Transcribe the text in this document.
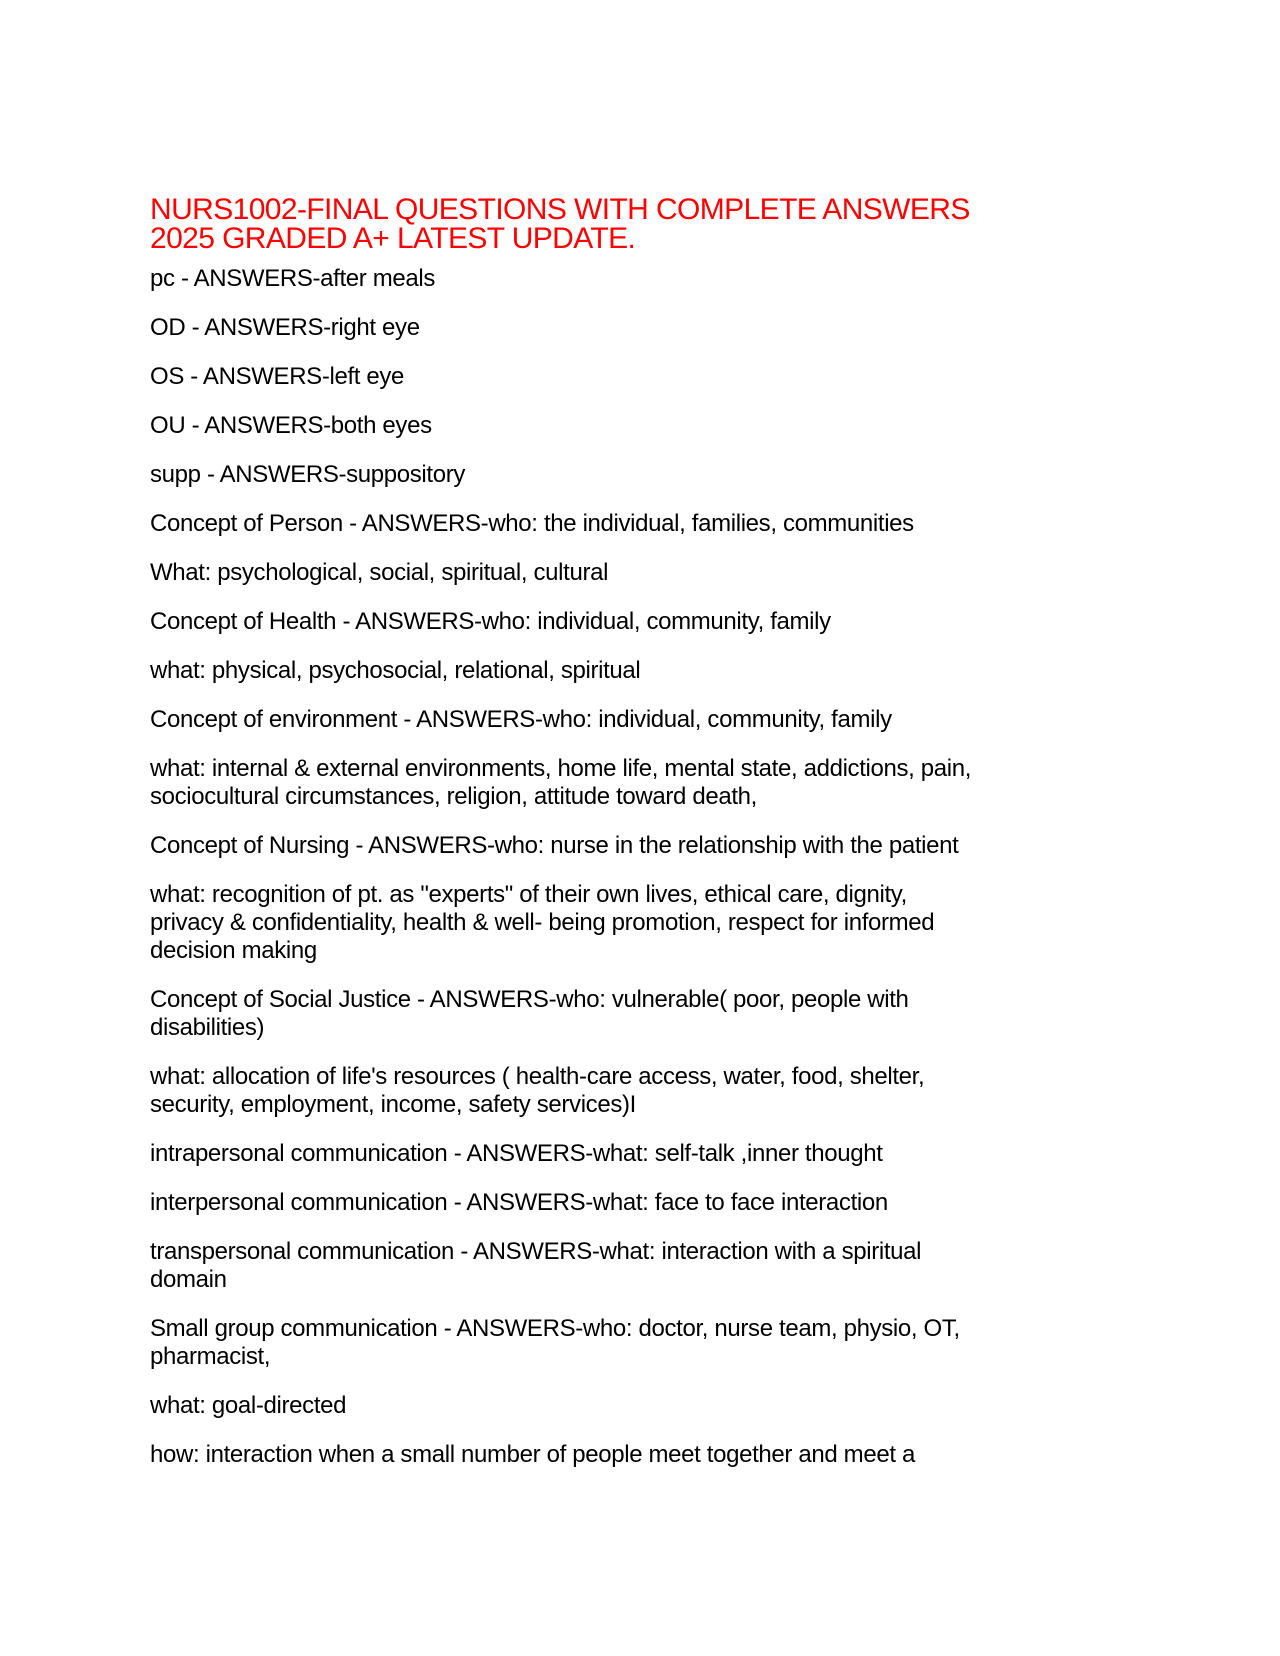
NURS1002-FINAL QUESTIONS WITH COMPLETE ANSWERS
2025 GRADED A+ LATEST UPDATE.

pc - ANSWERS-after meals

OD - ANSWERS-right eye

OS - ANSWERS-left eye

OU - ANSWERS-both eyes

supp - ANSWERS-suppository

Concept of Person - ANSWERS-who: the individual, families, communities

What: psychological, social, spiritual, cultural

Concept of Health - ANSWERS-who: individual, community, family

what: physical, psychosocial, relational, spiritual

Concept of environment - ANSWERS-who: individual, community, family

what: internal & external environments, home life, mental state, addictions, pain,
sociocultural circumstances, religion, attitude toward death,

Concept of Nursing - ANSWERS-who: nurse in the relationship with the patient

what: recognition of pt. as "experts" of their own lives, ethical care, dignity,
privacy & confidentiality, health & well- being promotion, respect for informed
decision making

Concept of Social Justice - ANSWERS-who: vulnerable( poor, people with
disabilities)

what: allocation of life's resources ( health-care access, water, food, shelter,
security, employment, income, safety services)I

intrapersonal communication - ANSWERS-what: self-talk ,inner thought

interpersonal communication - ANSWERS-what: face to face interaction

transpersonal communication - ANSWERS-what: interaction with a spiritual
domain

Small group communication - ANSWERS-who: doctor, nurse team, physio, OT,
pharmacist,

what: goal-directed

how: interaction when a small number of people meet together and meet a
